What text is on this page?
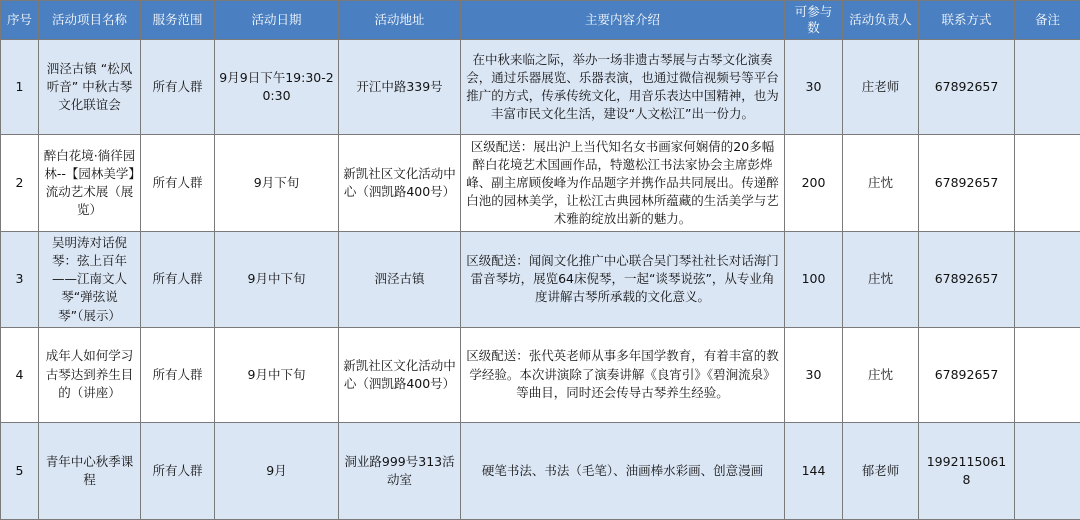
序号	活动项目名称	服务范围	活动日期	活动地址	主要内容介绍	可参与数	活动负责人	联系方式	备注
1	泗泾古镇 “松风听音” 中秋古琴文化联谊会	所有人群	9月9日下午19:30-20:30	开江中路339号	在中秋来临之际，举办一场非遗古琴展与古琴文化演奏会，通过乐器展览、乐器表演，也通过微信视频号等平台推广的方式，传承传统文化，用音乐表达中国精神，也为丰富市民文化生活，建设“人文松江”出一份力。	30	庄老师	67892657	
2	醉白花境·徜徉园林--【园林美学】流动艺术展（展览）	所有人群	9月下旬	新凯社区文化活动中心（泗凯路400号）	区级配送：展出沪上当代知名女书画家何娴倩的20多幅醉白花境艺术国画作品，特邀松江书法家协会主席彭烨峰、副主席顾俊峰为作品题字并携作品共同展出。传递醉白池的园林美学，让松江古典园林所蕴藏的生活美学与艺术雅韵绽放出新的魅力。	200	庄忱	67892657	
3	吴明涛对话倪琴：弦上百年——江南文人琴“弹弦说琴”（展示）	所有人群	9月中下旬	泗泾古镇	区级配送：闻阆文化推广中心联合吴门琴社社长对话海门雷音琴坊，展览64床倪琴，一起“谈琴说弦”，从专业角度讲解古琴所承载的文化意义。	100	庄忱	67892657	
4	成年人如何学习古琴达到养生目的（讲座）	所有人群	9月中下旬	新凯社区文化活动中心（泗凯路400号）	区级配送：张代英老师从事多年国学教育，有着丰富的教学经验。本次讲演除了演奏讲解《良宵引》《碧涧流泉》等曲目，同时还会传导古琴养生经验。	30	庄忱	67892657	
5	青年中心秋季课程	所有人群	9月	洞业路999号313活动室	硬笔书法、书法（毛笔）、油画棒水彩画、创意漫画	144	郁老师	19921150618	
